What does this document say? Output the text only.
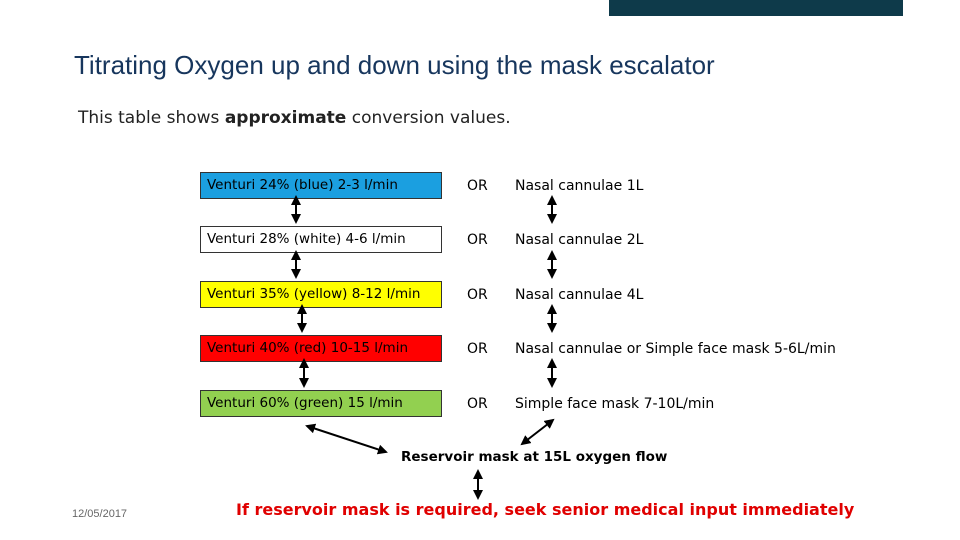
Titrating Oxygen up and down using the mask escalator
This table shows approximate conversion values.
Venturi 24% (blue) 2-3 l/min	OR Nasal cannulae 1L
Venturi 28% (white) 4-6 l/min	OR Nasal cannulae 2L
Venturi 35% (yellow) 8-12 l/min	OR Nasal cannulae 4L
Venturi 40% (red) 10-15 l/min	OR Nasal cannulae or Simple face mask 5-6L/min
Venturi 60% (green) 15 l/min	OR Simple face mask 7-10L/min
Reservoir mask at 15L oxygen flow
If reservoir mask is required, seek senior medical input immediately
12/05/2017
